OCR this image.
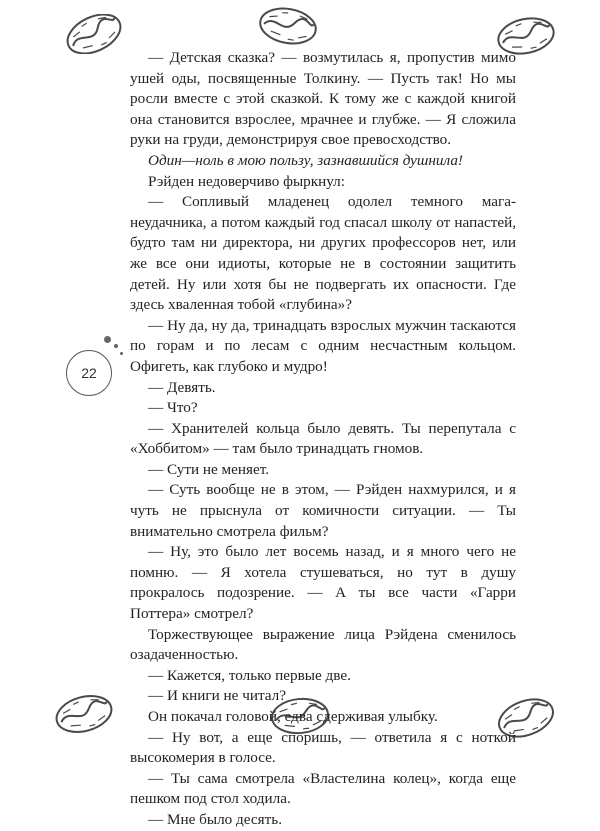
22

— Детская сказка? — возмутилась я, пропустив мимо ушей оды, посвященные Толкину. — Пусть так! Но мы росли вместе с этой сказкой. К тому же с каждой книгой она становится взрослее, мрачнее и глубже. — Я сложила руки на груди, демонстрируя свое превосходство.

Один—ноль в мою пользу, зазнавшийся душнила!

Рэйден недоверчиво фыркнул:

— Сопливый младенец одолел темного мага-неудачника, а потом каждый год спасал школу от напастей, будто там ни директора, ни других профессоров нет, или же все они идиоты, которые не в состоянии защитить детей. Ну или хотя бы не подвергать их опасности. Где здесь хваленная тобой «глубина»?

— Ну да, ну да, тринадцать взрослых мужчин таскаются по горам и по лесам с одним несчастным кольцом. Офигеть, как глубоко и мудро!

— Девять.

— Что?

— Хранителей кольца было девять. Ты перепутала с «Хоббитом» — там было тринадцать гномов.

— Сути не меняет.

— Суть вообще не в этом, — Рэйден нахмурился, и я чуть не прыснула от комичности ситуации. — Ты внимательно смотрела фильм?

— Ну, это было лет восемь назад, и я много чего не помню. — Я хотела стушеваться, но тут в душу прокралось подозрение. — А ты все части «Гарри Поттера» смотрел?

Торжествующее выражение лица Рэйдена сменилось озадаченностью.

— Кажется, только первые две.

— И книги не читал?

Он покачал головой, едва сдерживая улыбку.

— Ну вот, а еще споришь, — ответила я с ноткой высокомерия в голосе.

— Ты сама смотрела «Властелина колец», когда еще пешком под стол ходила.

— Мне было десять.
